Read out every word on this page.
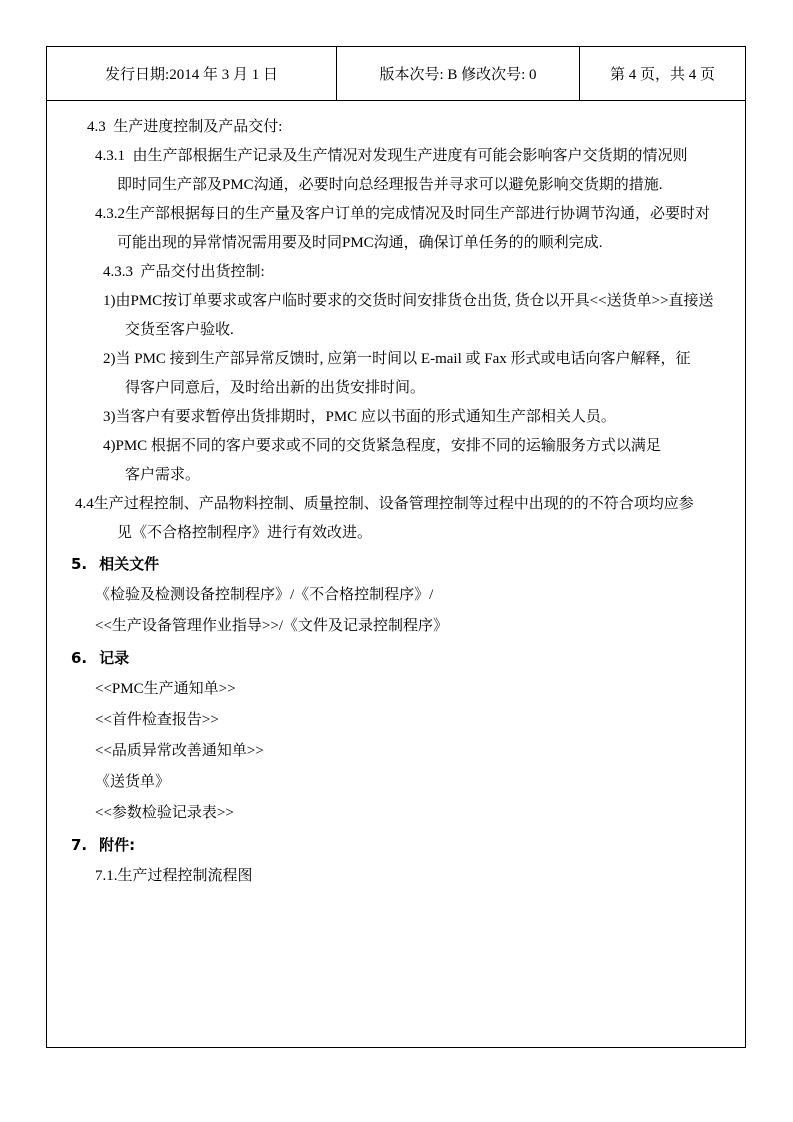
发行日期:2014 年 3 月 1 日	版本次号: B 修改次号: 0	第 4 页，共 4 页
4.3  生产进度控制及产品交付:
4.3.1  由生产部根据生产记录及生产情况对发现生产进度有可能会影响客户交货期的情况则
即时同生产部及PMC沟通，必要时向总经理报告并寻求可以避免影响交货期的措施.
4.3.2生产部根据每日的生产量及客户订单的完成情况及时同生产部进行协调节沟通，必要时对
可能出现的异常情况需用要及时同PMC沟通，确保订单任务的的顺利完成.
4.3.3  产品交付出货控制:
1)由PMC按订单要求或客户临时要求的交货时间安排货仓出货, 货仓以开具<<送货单>>直接送
交货至客户验收.
2)当 PMC 接到生产部异常反馈时, 应第一时间以 E-mail 或 Fax 形式或电话向客户解释，征
得客户同意后，及时给出新的出货安排时间。
3)当客户有要求暂停出货排期时，PMC 应以书面的形式通知生产部相关人员。
4)PMC 根据不同的客户要求或不同的交货紧急程度，安排不同的运输服务方式以满足
客户需求。
4.4生产过程控制、产品物料控制、质量控制、设备管理控制等过程中出现的的不符合项均应参
见《不合格控制程序》进行有效改进。
5. 相关文件
《检验及检测设备控制程序》/《不合格控制程序》/
<<生产设备管理作业指导>>/《文件及记录控制程序》
6. 记录
<<PMC生产通知单>>
<<首件检查报告>>
<<品质异常改善通知单>>
《送货单》
<<参数检验记录表>>
7. 附件:
7.1.生产过程控制流程图
